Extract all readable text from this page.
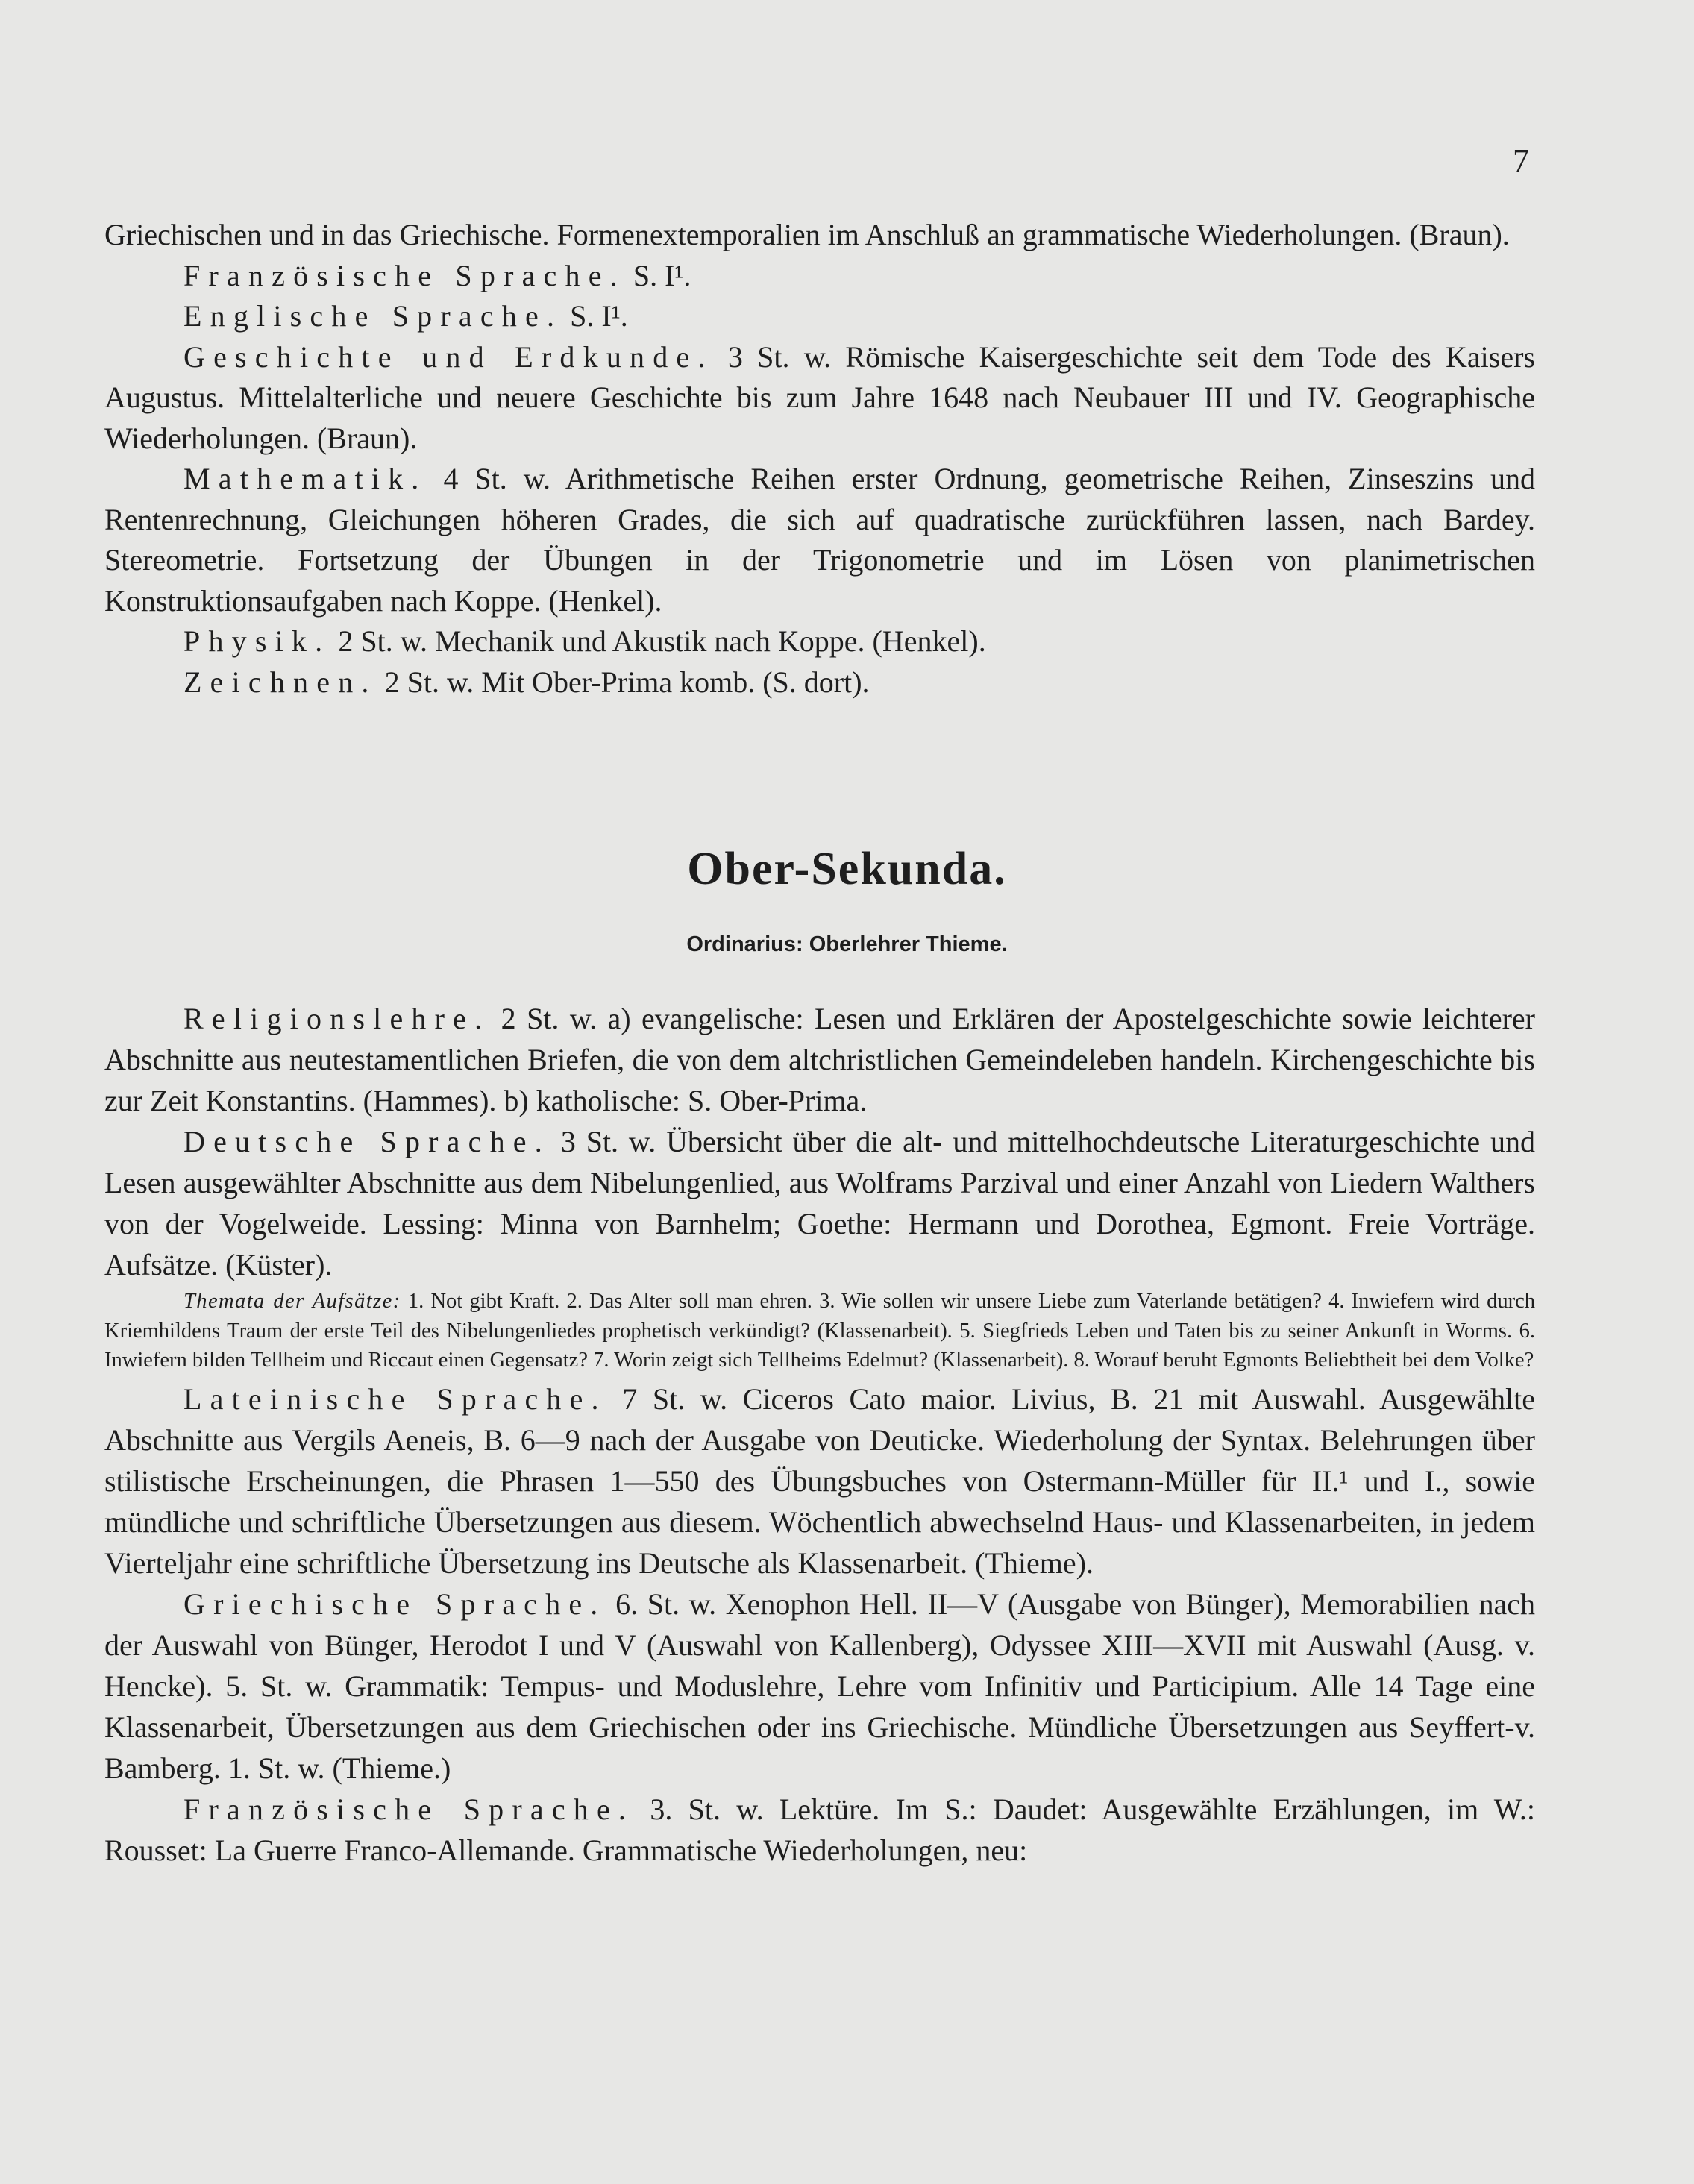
7

Griechischen und in das Griechische. Formenextemporalien im Anschluß an grammatische Wiederholungen. (Braun).

Französische Sprache. S. I¹.

Englische Sprache. S. I¹.

Geschichte und Erdkunde. 3 St. w. Römische Kaisergeschichte seit dem Tode des Kaisers Augustus. Mittelalterliche und neuere Geschichte bis zum Jahre 1648 nach Neubauer III und IV. Geographische Wiederholungen. (Braun).

Mathematik. 4 St. w. Arithmetische Reihen erster Ordnung, geometrische Reihen, Zinseszins und Rentenrechnung, Gleichungen höheren Grades, die sich auf quadratische zurückführen lassen, nach Bardey. Stereometrie. Fortsetzung der Übungen in der Trigonometrie und im Lösen von planimetrischen Konstruktionsaufgaben nach Koppe. (Henkel).

Physik. 2 St. w. Mechanik und Akustik nach Koppe. (Henkel).

Zeichnen. 2 St. w. Mit Ober-Prima komb. (S. dort).

Ober-Sekunda.
Ordinarius: Oberlehrer Thieme.

Religionslehre. 2 St. w. a) evangelische: Lesen und Erklären der Apostelgeschichte sowie leichterer Abschnitte aus neutestamentlichen Briefen, die von dem altchristlichen Gemeindeleben handeln. Kirchengeschichte bis zur Zeit Konstantins. (Hammes). b) katholische: S. Ober-Prima.

Deutsche Sprache. 3 St. w. Übersicht über die alt- und mittelhochdeutsche Literaturgeschichte und Lesen ausgewählter Abschnitte aus dem Nibelungenlied, aus Wolframs Parzival und einer Anzahl von Liedern Walthers von der Vogelweide. Lessing: Minna von Barnhelm; Goethe: Hermann und Dorothea, Egmont. Freie Vorträge. Aufsätze. (Küster).

Themata der Aufsätze: 1. Not gibt Kraft. 2. Das Alter soll man ehren. 3. Wie sollen wir unsere Liebe zum Vaterlande betätigen? 4. Inwiefern wird durch Kriemhildens Traum der erste Teil des Nibelungenliedes prophetisch verkündigt? (Klassenarbeit). 5. Siegfrieds Leben und Taten bis zu seiner Ankunft in Worms. 6. Inwiefern bilden Tellheim und Riccaut einen Gegensatz? 7. Worin zeigt sich Tellheims Edelmut? (Klassenarbeit). 8. Worauf beruht Egmonts Beliebtheit bei dem Volke?

Lateinische Sprache. 7 St. w. Ciceros Cato maior. Livius, B. 21 mit Auswahl. Ausgewählte Abschnitte aus Vergils Aeneis, B. 6—9 nach der Ausgabe von Deuticke. Wiederholung der Syntax. Belehrungen über stilistische Erscheinungen, die Phrasen 1—550 des Übungsbuches von Ostermann-Müller für II.¹ und I., sowie mündliche und schriftliche Übersetzungen aus diesem. Wöchentlich abwechselnd Haus- und Klassenarbeiten, in jedem Vierteljahr eine schriftliche Übersetzung ins Deutsche als Klassenarbeit. (Thieme).

Griechische Sprache. 6. St. w. Xenophon Hell. II—V (Ausgabe von Bünger), Memorabilien nach der Auswahl von Bünger, Herodot I und V (Auswahl von Kallenberg), Odyssee XIII—XVII mit Auswahl (Ausg. v. Hencke). 5. St. w. Grammatik: Tempus- und Moduslehre, Lehre vom Infinitiv und Participium. Alle 14 Tage eine Klassenarbeit, Übersetzungen aus dem Griechischen oder ins Griechische. Mündliche Übersetzungen aus Seyffert-v. Bamberg. 1. St. w. (Thieme.)

Französische Sprache. 3. St. w. Lektüre. Im S.: Daudet: Ausgewählte Erzählungen, im W.: Rousset: La Guerre Franco-Allemande. Grammatische Wiederholungen, neu:
